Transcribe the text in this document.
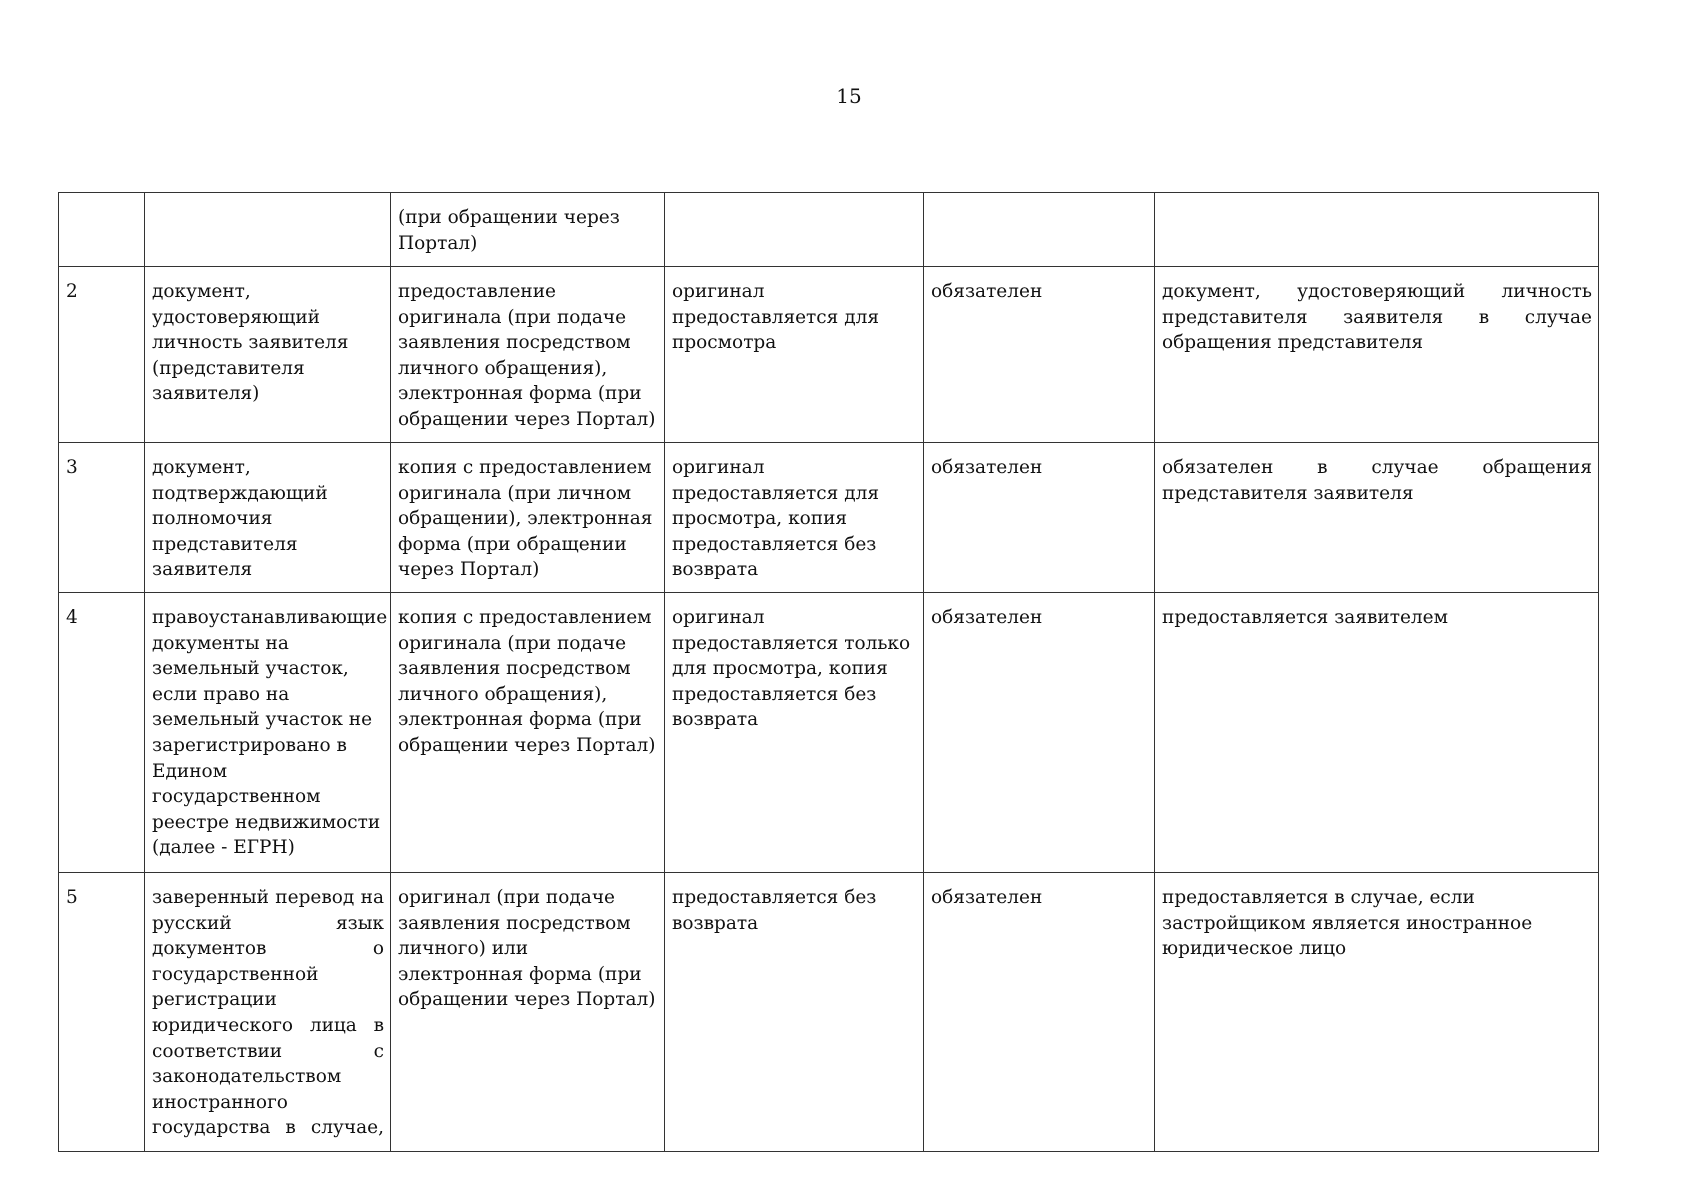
15
		(при обращении через Портал)			
2	документ, удостоверяющий личность заявителя (представителя заявителя)	предоставление оригинала (при подаче заявления посредством личного обращения), электронная форма (при обращении через Портал)	оригинал предоставляется для просмотра	обязателен	документ, удостоверяющий личность представителя заявителя в случае обращения представителя
3	документ, подтверждающий полномочия представителя заявителя	копия с предоставлением оригинала (при личном обращении), электронная форма (при обращении через Портал)	оригинал предоставляется для просмотра, копия предоставляется без возврата	обязателен	обязателен в случае обращения представителя заявителя
4	правоустанавливающие документы на земельный участок, если право на земельный участок не зарегистрировано в Едином государственном реестре недвижимости (далее - ЕГРН)	копия с предоставлением оригинала (при подаче заявления посредством личного обращения), электронная форма (при обращении через Портал)	оригинал предоставляется только для просмотра, копия предоставляется без возврата	обязателен	предоставляется заявителем
5	заверенный перевод на русский язык документов о государственной регистрации юридического лица в соответствии с законодательством иностранного государства в случае,	оригинал (при подаче заявления посредством личного) или электронная форма (при обращении через Портал)	предоставляется без возврата	обязателен	предоставляется в случае, если застройщиком является иностранное юридическое лицо
